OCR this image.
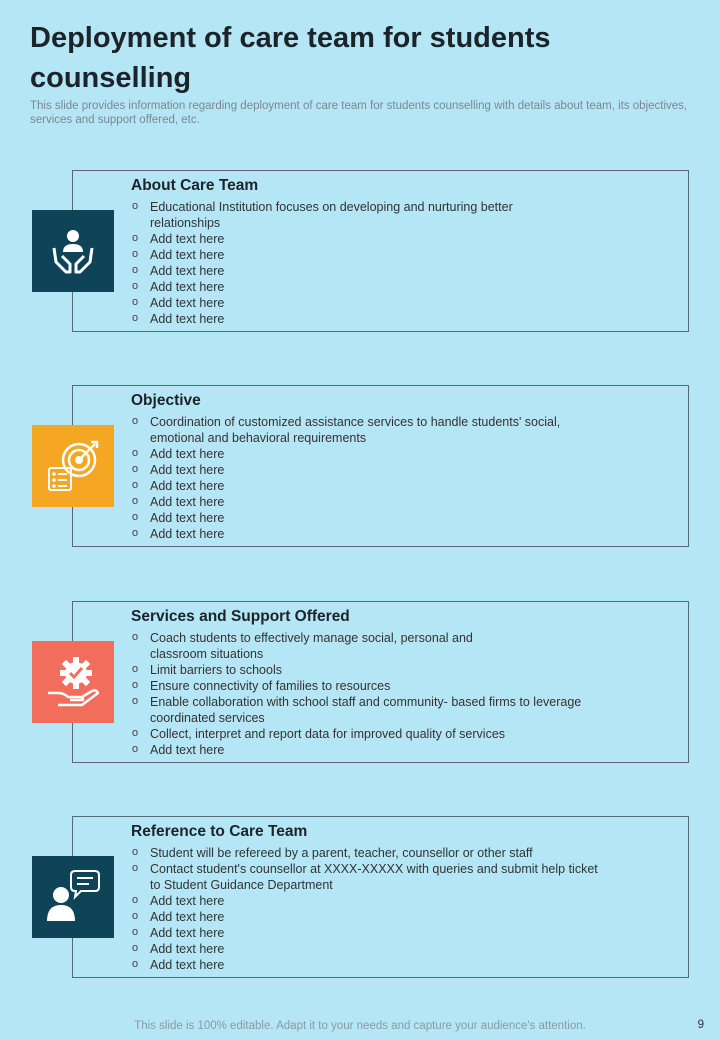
Deployment of care team for students counselling
This slide provides information regarding deployment of care team for students counselling with details about team, its objectives, services and support offered, etc.
About Care Team
o Educational Institution focuses on developing and nurturing better relationships
o Add text here
o Add text here
o Add text here
o Add text here
o Add text here
o Add text here
Objective
o Coordination of customized assistance services to handle students' social, emotional and behavioral requirements
o Add text here
o Add text here
o Add text here
o Add text here
o Add text here
o Add text here
Services and Support Offered
o Coach students to effectively manage social, personal and classroom situations
o Limit barriers to schools
o Ensure connectivity of families to resources
o Enable collaboration with school staff and community- based firms to leverage coordinated services
o Collect, interpret and report data for improved quality of services
o Add text here
Reference to Care Team
o Student will be refereed by a parent, teacher, counsellor or other staff
o Contact student's counsellor at XXXX-XXXXX with queries and submit help ticket to Student Guidance Department
o Add text here
o Add text here
o Add text here
o Add text here
o Add text here
This slide is 100% editable. Adapt it to your needs and capture your audience's attention.	9
